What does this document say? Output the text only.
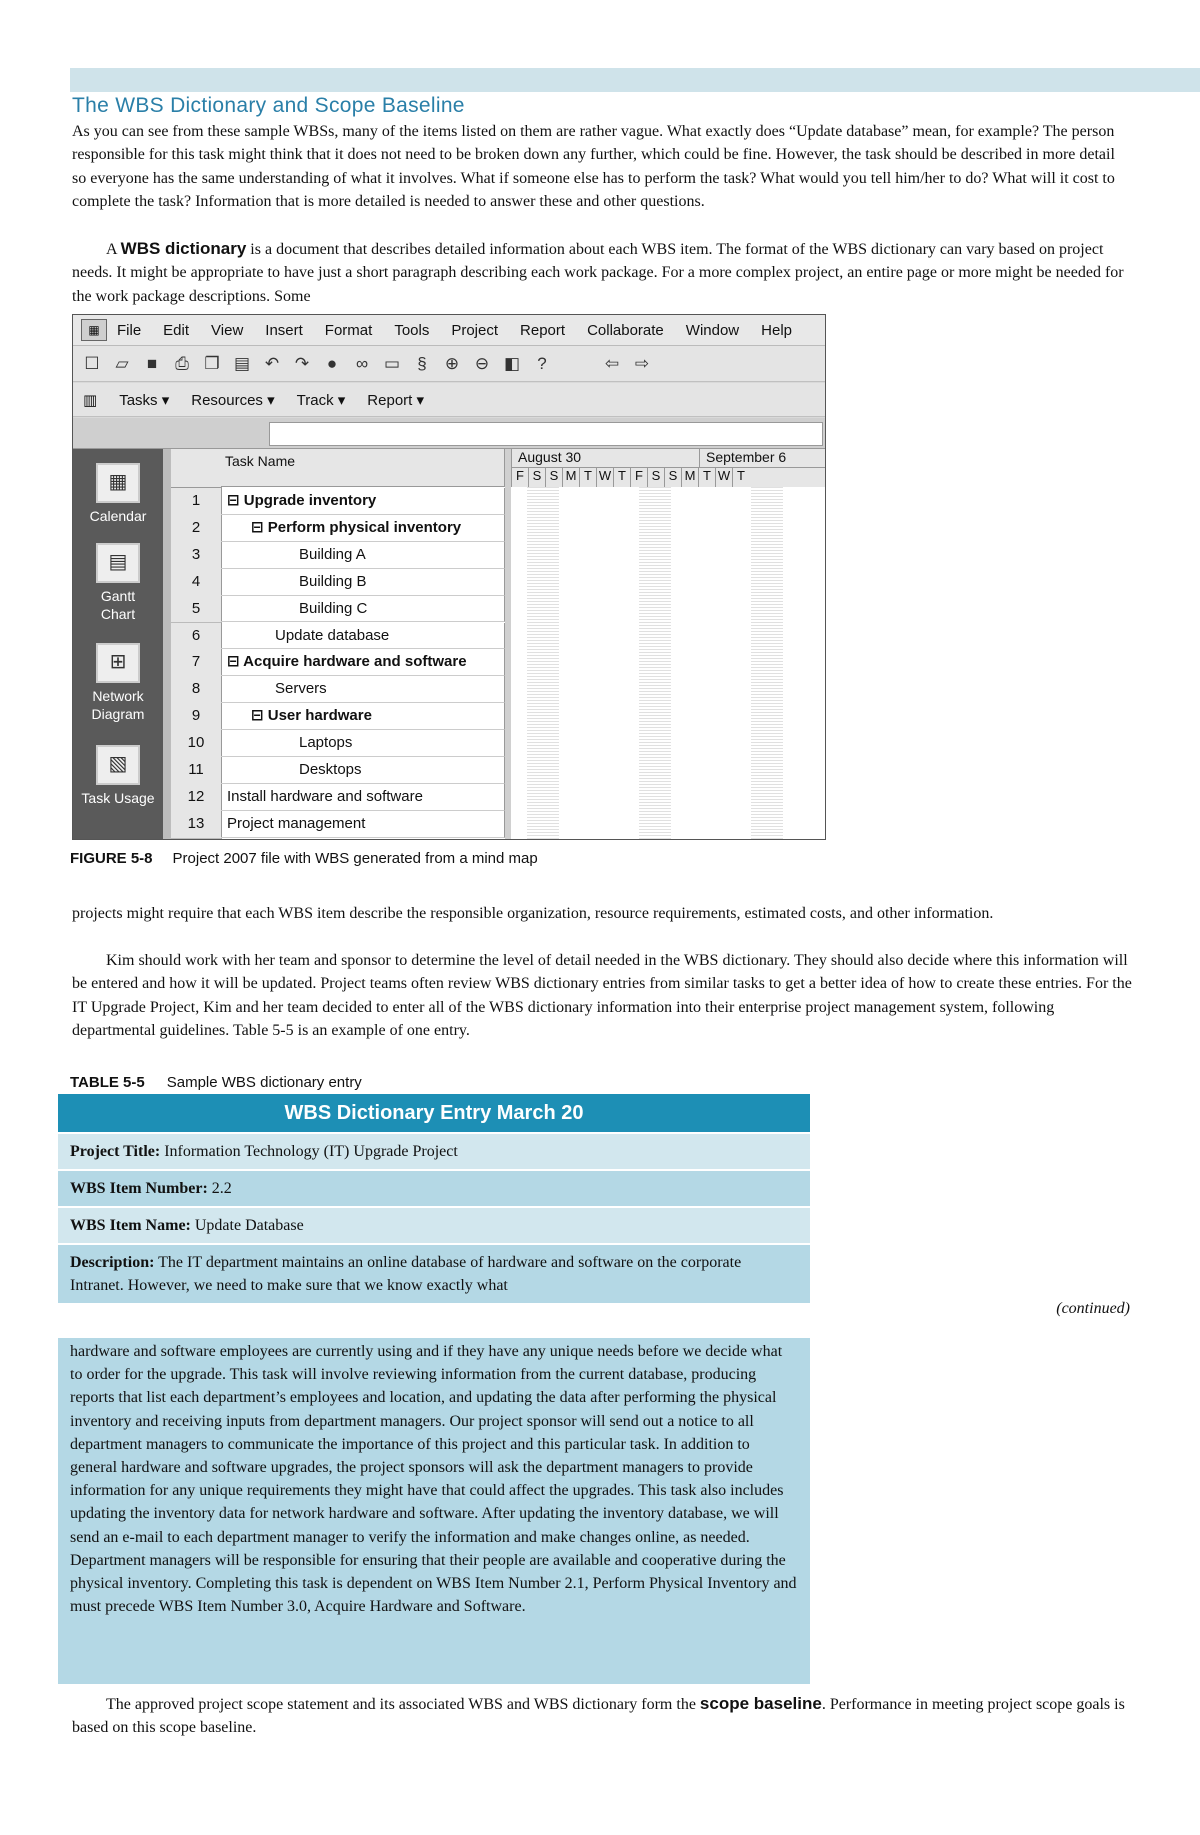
The WBS Dictionary and Scope Baseline

As you can see from these sample WBSs, many of the items listed on them are rather vague. What exactly does “Update database” mean, for example? The person responsible for this task might think that it does not need to be broken down any further, which could be fine. However, the task should be described in more detail so everyone has the same understanding of what it involves. What if someone else has to perform the task? What would you tell him/her to do? What will it cost to complete the task? Information that is more detailed is needed to answer these and other questions.

A WBS dictionary is a document that describes detailed information about each WBS item. The format of the WBS dictionary can vary based on project needs. It might be appropriate to have just a short paragraph describing each work package. For a more complex project, an entire page or more might be needed for the work package descriptions. Some

▦	File Edit View Insert Format Tools Project Report Collaborate Window Help
☐ ▱	■	⎙ ❐ ▤ ↶ ↷	●	∞ ▭	§	⊕ ⊖ ◧	?	⇦ ⇨
▥ Tasks ▾ Resources ▾ Track ▾ Report ▾
▦
Calendar
▤
Gantt Chart
⊞
Network Diagram
▧
Task Usage
Task Name	August 30	September 6
F S S M T W T F S S M T W T
1	⊟ Upgrade inventory
2	⊟ Perform physical inventory
3	Building A
4	Building B
5	Building C
6	Update database
7	⊟ Acquire hardware and software
8	Servers
9	⊟ User hardware
10	Laptops
11	Desktops
12	Install hardware and software
13	Project management
FIGURE 5-8 Project 2007 file with WBS generated from a mind map

projects might require that each WBS item describe the responsible organization, resource requirements, estimated costs, and other information.

Kim should work with her team and sponsor to determine the level of detail needed in the WBS dictionary. They should also decide where this information will be entered and how it will be updated. Project teams often review WBS dictionary entries from similar tasks to get a better idea of how to create these entries. For the IT Upgrade Project, Kim and her team decided to enter all of the WBS dictionary information into their enterprise project management system, following departmental guidelines. Table 5-5 is an example of one entry.

TABLE 5-5 Sample WBS dictionary entry
WBS Dictionary Entry March 20
Project Title: Information Technology (IT) Upgrade Project
WBS Item Number: 2.2
WBS Item Name: Update Database
Description: The IT department maintains an online database of hardware and software on the corporate Intranet. However, we need to make sure that we know exactly what
(continued)
hardware and software employees are currently using and if they have any unique needs before we decide what to order for the upgrade. This task will involve reviewing information from the current database, producing reports that list each department’s employees and location, and updating the data after performing the physical inventory and receiving inputs from department managers. Our project sponsor will send out a notice to all department managers to communicate the importance of this project and this particular task. In addition to general hardware and software upgrades, the project sponsors will ask the department managers to provide information for any unique requirements they might have that could affect the upgrades. This task also includes updating the inventory data for network hardware and software. After updating the inventory database, we will send an e-mail to each department manager to verify the information and make changes online, as needed. Department managers will be responsible for ensuring that their people are available and cooperative during the physical inventory. Completing this task is dependent on WBS Item Number 2.1, Perform Physical Inventory and must precede WBS Item Number 3.0, Acquire Hardware and Software.

The approved project scope statement and its associated WBS and WBS dictionary form the scope baseline. Performance in meeting project scope goals is based on this scope baseline.
